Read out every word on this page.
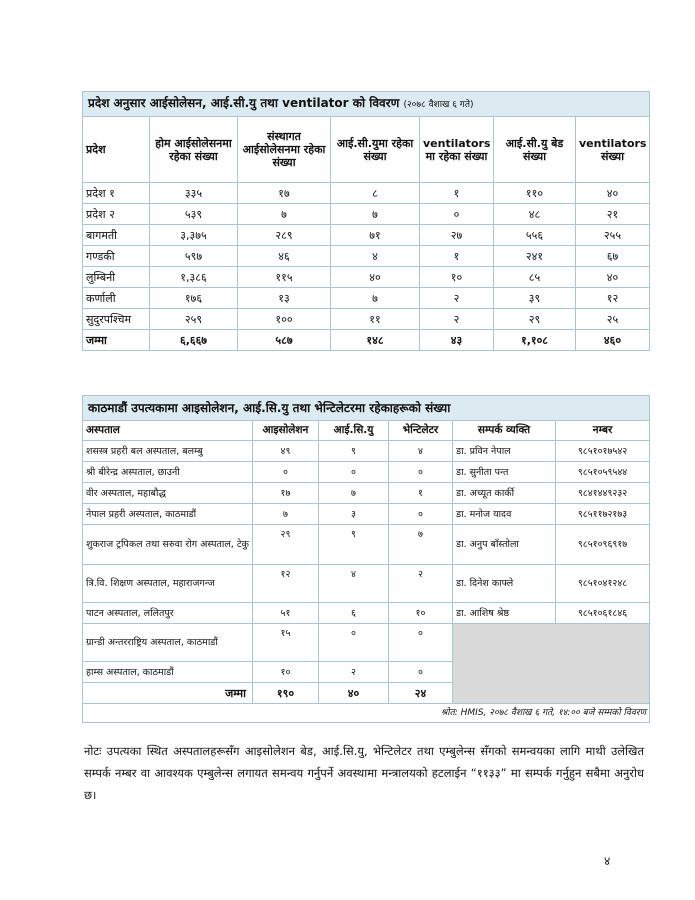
प्रदेश अनुसार आईसोलेसन, आई.सी.यु तथा ventilator को विवरण (२०७८ वैशाख ६ गते)						
प्रदेश	होम आईसोलेसनमा रहेका संख्या	संस्थागत आईसोलेसनमा रहेका संख्या	आई.सी.युमा रहेका संख्या	ventilators मा रहेका संख्या	आई.सी.यु बेड संख्या	ventilators संख्या
प्रदेश १	३३५	१७	८	१	११०	४०
प्रदेश २	५३९	७	७	०	४८	२१
बागमती	३,३७५	२८९	७१	२७	५५६	२५५
गण्डकी	५९७	४६	४	१	२४१	६७
लुम्बिनी	१,३८६	११५	४०	१०	८५	४०
कर्णाली	१७६	१३	७	२	३९	१२
सुदुरपश्चिम	२५९	१००	११	२	२९	२५
जम्मा	६,६६७	५८७	१४८	४३	१,१०८	४६०
काठमाडौं उपत्यकामा आइसोलेशन, आई.सि.यु तथा भेन्टिलेटरमा रहेकाहरूको संख्या					
अस्पताल	आइसोलेशन	आई.सि.यु	भेन्टिलेटर	सम्पर्क व्यक्ति	नम्बर
शसस्त्र प्रहरी बल अस्पताल, बलम्बु	४९	९	४	डा. प्रविन नेपाल	९८५१०१७५४२
श्री बीरेन्द्र अस्पताल, छाउनी	०	०	०	डा. सुनीता पन्त	९८५१०५९५४४
वीर अस्पताल, महाबौद्ध	१७	७	१	डा. अच्यूत कार्की	९८४१४४९२३२
नेपाल प्रहरी अस्पताल, काठमाडौं	७	३	०	डा. मनोज यादव	९८५११७२१७३
शुकराज ट्रपिकल तथा सरुवा रोग अस्पताल, टेकु	२९	९	७	डा. अनुप बाँस्तोला	९८५१०९६९१७
त्रि.वि. शिक्षण अस्पताल, महाराजगन्ज	१२	४	२	डा. दिनेश काफ्ले	९८५१०४१२४८
पाटन अस्पताल, ललितपुर	५१	६	१०	डा. आशिष श्रेष्ठ	९८५१०६१८४६
ग्रान्डी अन्तरराष्ट्रिय अस्पताल, काठमाडौं	१५	०	०		
हाम्स अस्पताल, काठमाडौं	१०	२	०		
जम्मा	१९०	४०	२४		
श्रोत: HMIS, २०७८ वैशाख ६ गते, १४:०० बजे सम्मको विवरण					
नोटः उपत्यका स्थित अस्पतालहरूसँग आइसोलेशन बेड, आई.सि.यु, भेन्टिलेटर तथा एम्बुलेन्स सँगको समन्वयका लागि माथी उलेखित सम्पर्क नम्बर वा आवश्यक एम्बुलेन्स लगायत समन्वय गर्नुपर्ने अवस्थामा मन्त्रालयको हटलाईन “११३३” मा सम्पर्क गर्नुहुन सबैमा अनुरोध छ।
४
